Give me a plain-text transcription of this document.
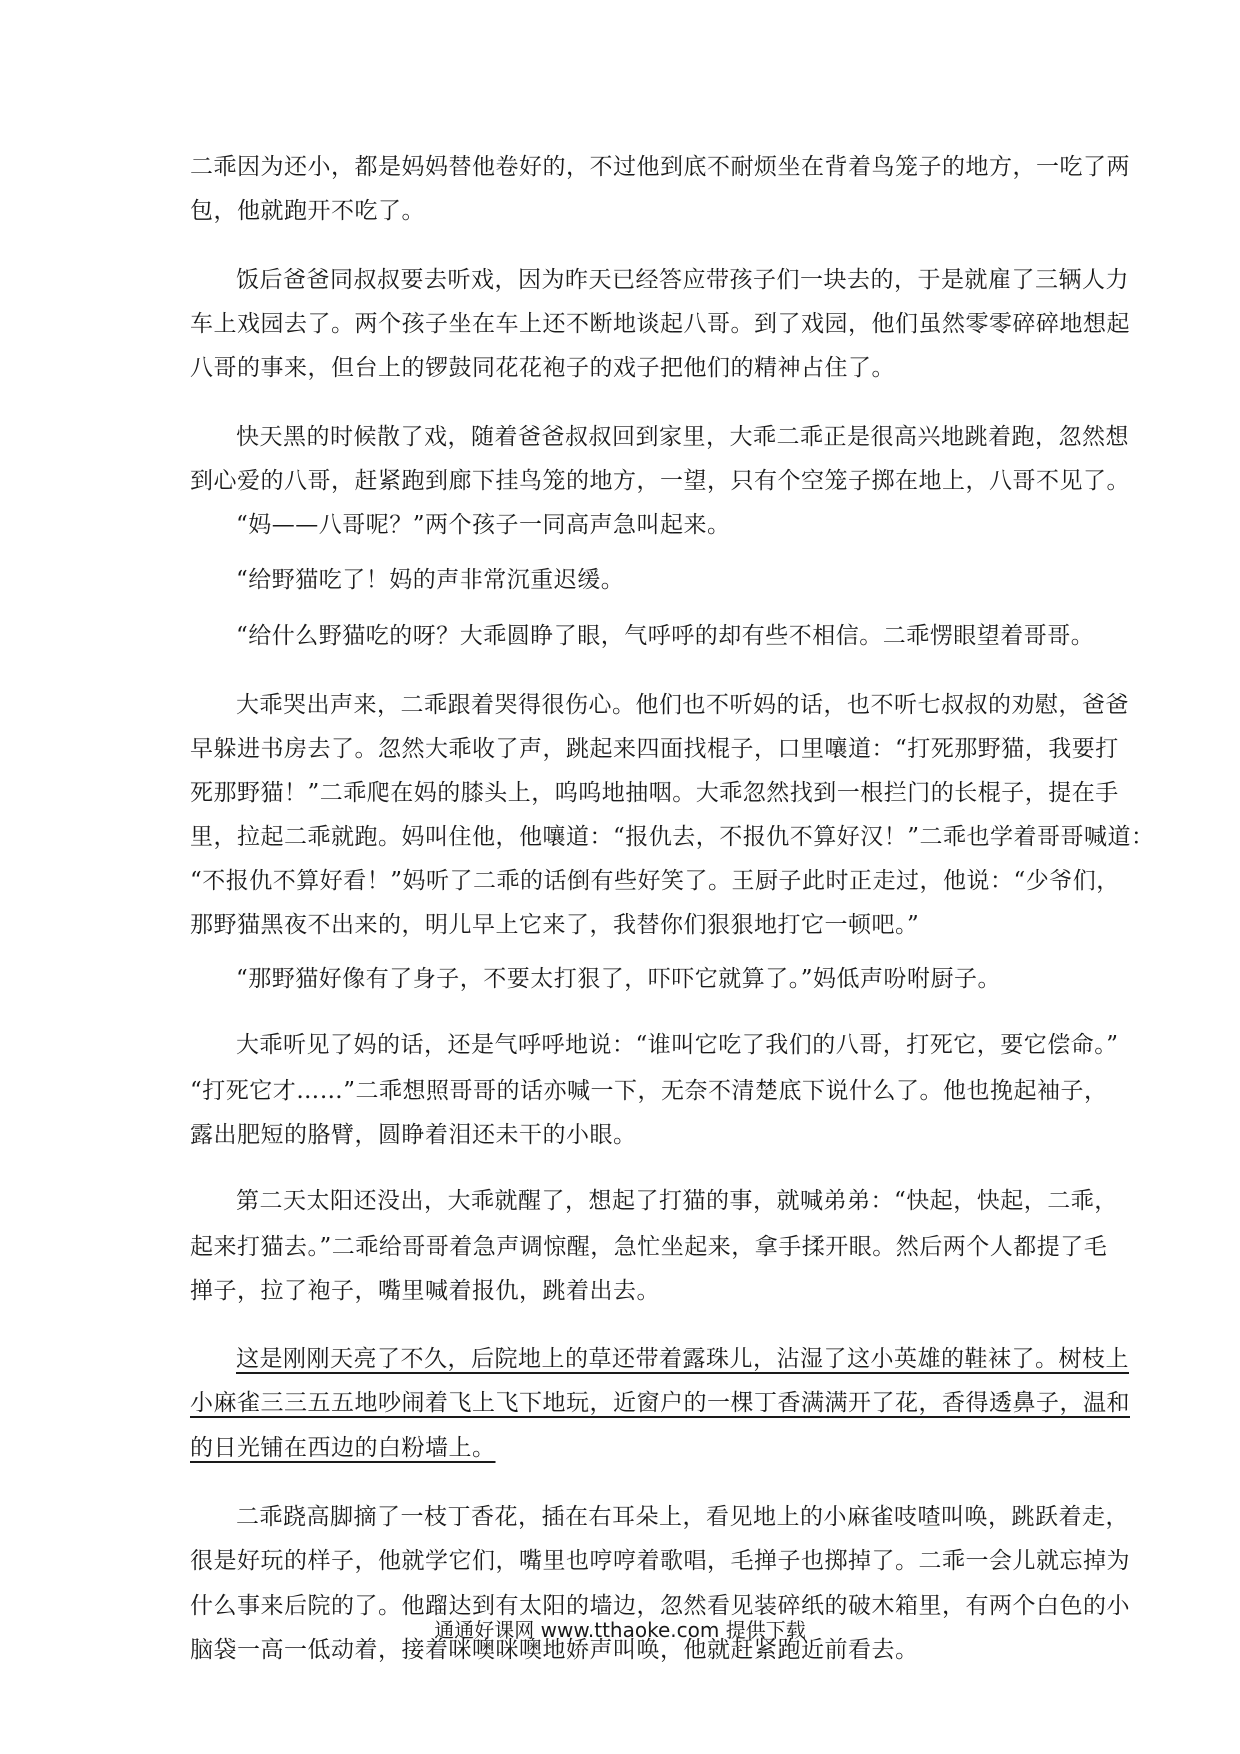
二乖因为还小，都是妈妈替他卷好的，不过他到底不耐烦坐在背着鸟笼子的地方，一吃了两
包，他就跑开不吃了。
饭后爸爸同叔叔要去听戏，因为昨天已经答应带孩子们一块去的，于是就雇了三辆人力
车上戏园去了。两个孩子坐在车上还不断地谈起八哥。到了戏园，他们虽然零零碎碎地想起
八哥的事来，但台上的锣鼓同花花袍子的戏子把他们的精神占住了。
快天黑的时候散了戏，随着爸爸叔叔回到家里，大乖二乖正是很高兴地跳着跑，忽然想
到心爱的八哥，赶紧跑到廊下挂鸟笼的地方，一望，只有个空笼子掷在地上，八哥不见了。
“妈——八哥呢？”两个孩子一同高声急叫起来。
“给野猫吃了！妈的声非常沉重迟缓。
“给什么野猫吃的呀？大乖圆睁了眼，气呼呼的却有些不相信。二乖愣眼望着哥哥。
大乖哭出声来，二乖跟着哭得很伤心。他们也不听妈的话，也不听七叔叔的劝慰，爸爸
早躲进书房去了。忽然大乖收了声，跳起来四面找棍子，口里嚷道：“打死那野猫，我要打
死那野猫！”二乖爬在妈的膝头上，呜呜地抽咽。大乖忽然找到一根拦门的长棍子，提在手
里，拉起二乖就跑。妈叫住他，他嚷道：“报仇去，不报仇不算好汉！”二乖也学着哥哥喊道：
“不报仇不算好看！”妈听了二乖的话倒有些好笑了。王厨子此时正走过，他说：“少爷们，
那野猫黑夜不出来的，明儿早上它来了，我替你们狠狠地打它一顿吧。”
“那野猫好像有了身子，不要太打狠了，吓吓它就算了。”妈低声吩咐厨子。
大乖听见了妈的话，还是气呼呼地说：“谁叫它吃了我们的八哥，打死它，要它偿命。”
“打死它才……”二乖想照哥哥的话亦喊一下，无奈不清楚底下说什么了。他也挽起袖子，
露出肥短的胳臂，圆睁着泪还未干的小眼。
第二天太阳还没出，大乖就醒了，想起了打猫的事，就喊弟弟：“快起，快起，二乖，
起来打猫去。”二乖给哥哥着急声调惊醒，急忙坐起来，拿手揉开眼。然后两个人都提了毛
掸子，拉了袍子，嘴里喊着报仇，跳着出去。
这是刚刚天亮了不久，后院地上的草还带着露珠儿，沾湿了这小英雄的鞋袜了。树枝上
小麻雀三三五五地吵闹着飞上飞下地玩，近窗户的一棵丁香满满开了花，香得透鼻子，温和
的日光铺在西边的白粉墙上。
二乖跷高脚摘了一枝丁香花，插在右耳朵上，看见地上的小麻雀吱喳叫唤，跳跃着走，
很是好玩的样子，他就学它们，嘴里也哼哼着歌唱，毛掸子也掷掉了。二乖一会儿就忘掉为
什么事来后院的了。他蹓达到有太阳的墙边，忽然看见装碎纸的破木箱里，有两个白色的小
脑袋一高一低动着，接着咪噢咪噢地娇声叫唤，他就赶紧跑近前看去。
通通好课网 www.tthaoke.com 提供下载
